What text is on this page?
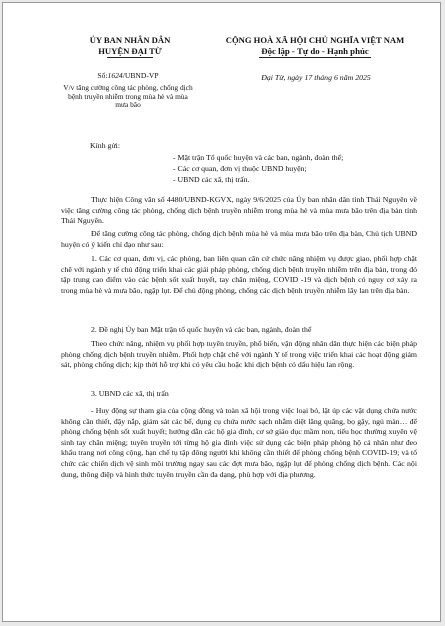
ỦY BAN NHÂN DÂN
HUYỆN ĐẠI TỪ
CỘNG HOÀ XÃ HỘI CHỦ NGHĨA VIỆT NAM
Độc lập - Tự do - Hạnh phúc
Số:1624/UBND-VP
V/v tăng cường công tác phòng, chống dịch bệnh truyền nhiễm trong mùa hè và mùa mưa bão
Đại Từ, ngày 17 tháng 6 năm 2025
Kính gửi:
- Mặt trận Tổ quốc huyện và các ban, ngành, đoàn thể;
- Các cơ quan, đơn vị thuộc UBND huyện;
- UBND các xã, thị trấn.

Thực hiện Công văn số 4480/UBND-KGVX, ngày 9/6/2025 của Ủy ban nhân dân tỉnh Thái Nguyên về việc tăng cường công tác phòng, chống dịch bệnh truyền nhiễm trong mùa hè và mùa mưa bão trên địa bàn tỉnh Thái Nguyên.

Để tăng cường công tác phòng, chống dịch bệnh mùa hè và mùa mưa bão trên địa bàn, Chủ tịch UBND huyện có ý kiến chỉ đạo như sau:

1. Các cơ quan, đơn vị, các phòng, ban liên quan căn cứ chức năng nhiệm vụ được giao, phối hợp chặt chẽ với ngành y tế chủ động triển khai các giải pháp phòng, chống dịch bệnh truyền nhiễm trên địa bàn, trong đó tập trung cao điểm vào các bệnh sốt xuất huyết, tay chân miệng, COVID -19 và dịch bệnh có nguy cơ xảy ra trong mùa hè và mưa bão, ngập lụt. Để chủ động phòng, chống các dịch bệnh truyền nhiễm lây lan trên địa bàn.

2. Đề nghị Ủy ban Mặt trận tổ quốc huyện và các ban, ngành, đoàn thể

Theo chức năng, nhiệm vụ phối hợp tuyên truyền, phổ biến, vận động nhân dân thực hiện các biện pháp phòng chống dịch bệnh truyền nhiễm. Phối hợp chặt chẽ với ngành Y tế trong việc triển khai các hoạt động giám sát, phòng chống dịch; kịp thời hỗ trợ khi có yêu cầu hoặc khi dịch bệnh có dấu hiệu lan rộng.

3. UBND các xã, thị trấn

- Huy động sự tham gia của cộng đồng và toàn xã hội trong việc loại bỏ, lật úp các vật dụng chứa nước không cần thiết, đậy nắp, giám sát các bể, dụng cụ chứa nước sạch nhằm diệt lăng quăng, bọ gậy, ngủ màn… để phòng chống bệnh sốt xuất huyết; hướng dẫn các hộ gia đình, cơ sở giáo dục mầm non, tiểu học thường xuyên vệ sinh tay chân miệng; tuyên truyền tới từng hộ gia đình việc sử dụng các biện pháp phòng hộ cá nhân như đeo khẩu trang nơi công cộng, hạn chế tụ tập đông người khi không cần thiết để phòng chống bệnh COVID-19; và tổ chức các chiến dịch vệ sinh môi trường ngay sau các đợt mưa bão, ngập lụt để phòng chống dịch bệnh. Các nội dung, thông điệp và hình thức tuyên truyền cần đa dạng, phù hợp với địa phương.
